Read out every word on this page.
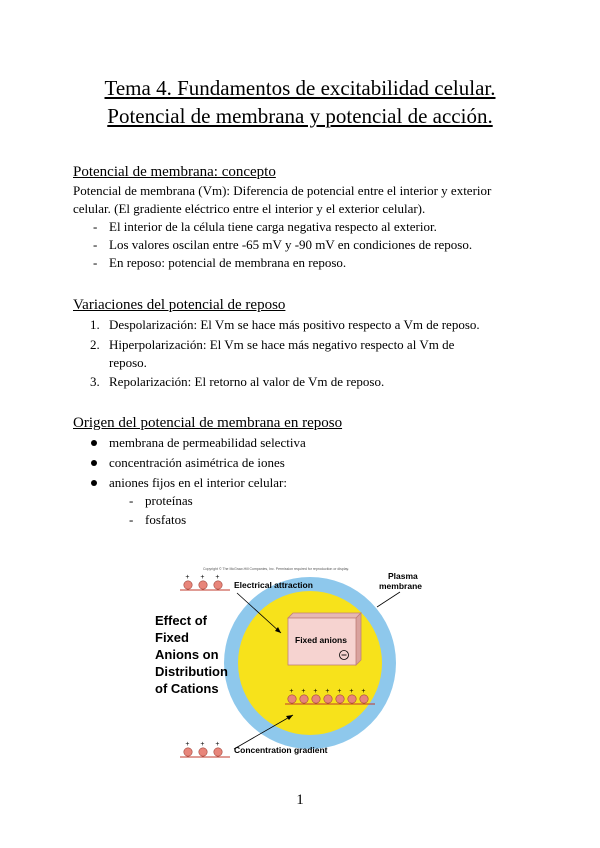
Tema 4. Fundamentos de excitabilidad celular.
Potencial de membrana y potencial de acción.
Potencial de membrana: concepto
Potencial de membrana (Vm): Diferencia de potencial entre el interior y exterior
celular. (El gradiente eléctrico entre el interior y el exterior celular).
- El interior de la célula tiene carga negativa respecto al exterior.
- Los valores oscilan entre -65 mV y -90 mV en condiciones de reposo.
- En reposo: potencial de membrana en reposo.
Variaciones del potencial de reposo
1. Despolarización: El Vm se hace más positivo respecto a Vm de reposo.
2. Hiperpolarización: El Vm se hace más negativo respecto al Vm de
reposo.
3. Repolarización: El retorno al valor de Vm de reposo.
Origen del potencial de membrana en reposo
membrana de permeabilidad selectiva
concentración asimétrica de iones
aniones fijos en el interior celular:
- proteínas
- fosfatos
Copyright © The McGraw-Hill Companies, Inc. Permission required for reproduction or display.
Fixed anions
+ + + + + + +
+ + +
Electrical attraction
+ + +
Concentration gradient
Plasma
membrane
Effect of
Fixed
Anions on
Distribution
of Cations
1
